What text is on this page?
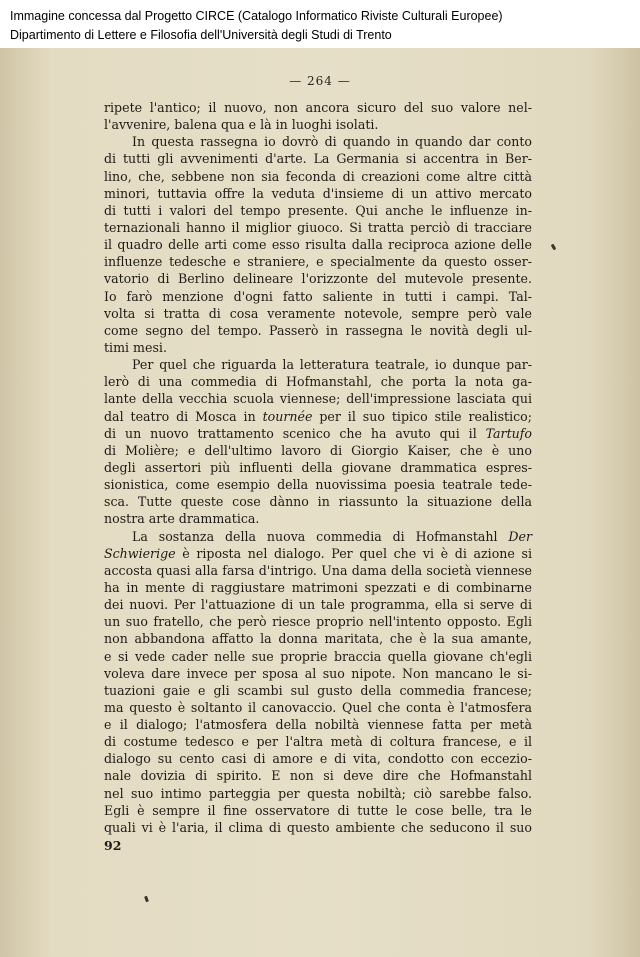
Immagine concessa dal Progetto CIRCE (Catalogo Informatico Riviste Culturali Europee)
Dipartimento di Lettere e Filosofia dell'Università degli Studi di Trento
— 264 —
ripete l'antico; il nuovo, non ancora sicuro del suo valore nel-
l'avvenire, balena qua e là in luoghi isolati.
In questa rassegna io dovrò di quando in quando dar conto
di tutti gli avvenimenti d'arte. La Germania si accentra in Ber-
lino, che, sebbene non sia feconda di creazioni come altre città
minori, tuttavia offre la veduta d'insieme di un attivo mercato
di tutti i valori del tempo presente. Qui anche le influenze in-
ternazionali hanno il miglior giuoco. Si tratta perciò di tracciare
il quadro delle arti come esso risulta dalla reciproca azione delle
influenze tedesche e straniere, e specialmente da questo osser-
vatorio di Berlino delineare l'orizzonte del mutevole presente.
Io farò menzione d'ogni fatto saliente in tutti i campi. Tal-
volta si tratta di cosa veramente notevole, sempre però vale
come segno del tempo. Passerò in rassegna le novità degli ul-
timi mesi.
Per quel che riguarda la letteratura teatrale, io dunque par-
lerò di una commedia di Hofmanstahl, che porta la nota ga-
lante della vecchia scuola viennese; dell'impressione lasciata qui
dal teatro di Mosca in tournée per il suo tipico stile realistico;
di un nuovo trattamento scenico che ha avuto qui il Tartufo
di Molière; e dell'ultimo lavoro di Giorgio Kaiser, che è uno
degli assertori più influenti della giovane drammatica espres-
sionistica, come esempio della nuovissima poesia teatrale tede-
sca. Tutte queste cose dànno in riassunto la situazione della
nostra arte drammatica.
La sostanza della nuova commedia di Hofmanstahl Der
Schwierige è riposta nel dialogo. Per quel che vi è di azione si
accosta quasi alla farsa d'intrigo. Una dama della società viennese
ha in mente di raggiustare matrimoni spezzati e di combinarne
dei nuovi. Per l'attuazione di un tale programma, ella si serve di
un suo fratello, che però riesce proprio nell'intento opposto. Egli
non abbandona affatto la donna maritata, che è la sua amante,
e si vede cader nelle sue proprie braccia quella giovane ch'egli
voleva dare invece per sposa al suo nipote. Non mancano le si-
tuazioni gaie e gli scambi sul gusto della commedia francese;
ma questo è soltanto il canovaccio. Quel che conta è l'atmosfera
e il dialogo; l'atmosfera della nobiltà viennese fatta per metà
di costume tedesco e per l'altra metà di coltura francese, e il
dialogo su cento casi di amore e di vita, condotto con eccezio-
nale dovizia di spirito. E non si deve dire che Hofmanstahl
nel suo intimo parteggia per questa nobiltà; ciò sarebbe falso.
Egli è sempre il fine osservatore di tutte le cose belle, tra le
quali vi è l'aria, il clima di questo ambiente che seducono il suo
92
